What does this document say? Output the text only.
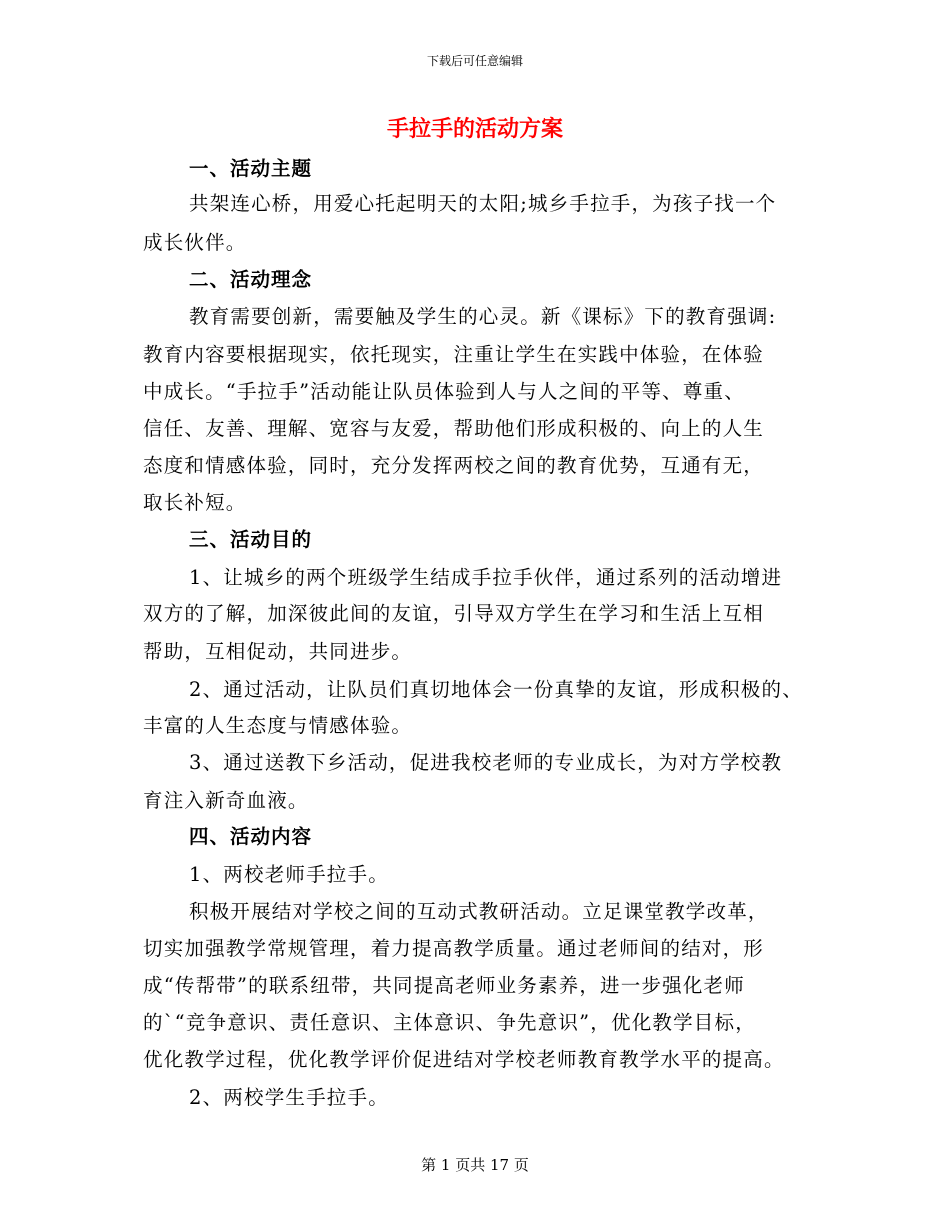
下载后可任意编辑
手拉手的活动方案
一、活动主题
共架连心桥，用爱心托起明天的太阳;城乡手拉手，为孩子找一个
成长伙伴。
二、活动理念
教育需要创新，需要触及学生的心灵。新《课标》下的教育强调:
教育内容要根据现实，依托现实，注重让学生在实践中体验，在体验
中成长。“手拉手”活动能让队员体验到人与人之间的平等、尊重、
信任、友善、理解、宽容与友爱，帮助他们形成积极的、向上的人生
态度和情感体验，同时，充分发挥两校之间的教育优势，互通有无，
取长补短。
三、活动目的
1、让城乡的两个班级学生结成手拉手伙伴，通过系列的活动增进
双方的了解，加深彼此间的友谊，引导双方学生在学习和生活上互相
帮助，互相促动，共同进步。
2、通过活动，让队员们真切地体会一份真挚的友谊，形成积极的、
丰富的人生态度与情感体验。
3、通过送教下乡活动，促进我校老师的专业成长，为对方学校教
育注入新奇血液。
四、活动内容
1、两校老师手拉手。
积极开展结对学校之间的互动式教研活动。立足课堂教学改革，
切实加强教学常规管理，着力提高教学质量。通过老师间的结对，形
成“传帮带”的联系纽带，共同提高老师业务素养，进一步强化老师
的`“竞争意识、责任意识、主体意识、争先意识”，优化教学目标，
优化教学过程，优化教学评价促进结对学校老师教育教学水平的提高。
2、两校学生手拉手。
第 1 页共 17 页
